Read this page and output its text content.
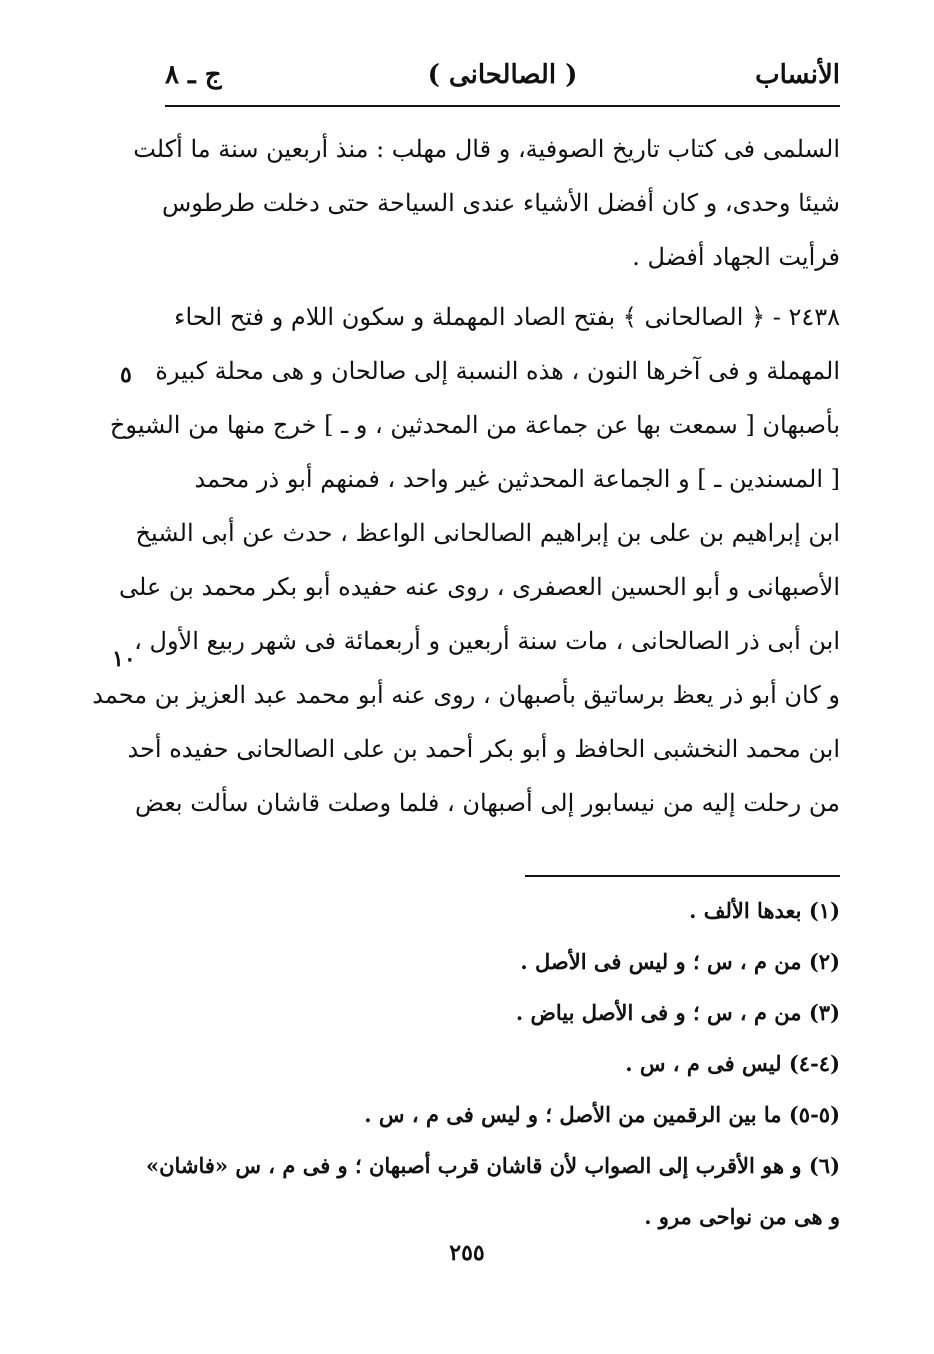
الأنساب
( الصالحانى )
ج ـ ٨
السلمى فى كتاب تاريخ الصوفية، و قال مهلب : منذ أربعين سنة ما أكلت
شيئا وحدى، و كان أفضل الأشياء عندى السياحة حتى دخلت طرطوس
فرأيت الجهاد أفضل .
٢٤٣٨ - ﴿ الصالحانى ﴾ بفتح الصاد المهملة و سكون اللام و فتح الحاء
المهملة و فى آخرها النون ، هذه النسبة إلى صالحان و هى محلة كبيرة
بأصبهان [ سمعت بها عن جماعة من المحدثين ، و ـ ] خرج منها من الشيوخ
[ المسندين ـ ] و الجماعة المحدثين غير واحد ، فمنهم أبو ذر محمد
ابن إبراهيم بن على بن إبراهيم الصالحانى الواعظ ، حدث عن أبى الشيخ
الأصبهانى و أبو الحسين العصفرى ، روى عنه حفيده أبو بكر محمد بن على
ابن أبى ذر الصالحانى ، مات سنة أربعين و أربعمائة فى شهر ربيع الأول ،
و كان أبو ذر يعظ برساتيق بأصبهان ، روى عنه أبو محمد عبد العزيز بن محمد
ابن محمد النخشبى الحافظ و أبو بكر أحمد بن على الصالحانى حفيده أحد
من رحلت إليه من نيسابور إلى أصبهان ، فلما وصلت قاشان سألت بعض
٥
١٠
(١) بعدها الألف .
(٢) من م ، س ؛ و ليس فى الأصل .
(٣) من م ، س ؛ و فى الأصل بياض .
(٤-٤) ليس فى م ، س .
(٥-٥) ما بين الرقمين من الأصل ؛ و ليس فى م ، س .
(٦) و هو الأقرب إلى الصواب لأن قاشان قرب أصبهان ؛ و فى م ، س «فاشان»
و هى من نواحى مرو .
٢٥٥
